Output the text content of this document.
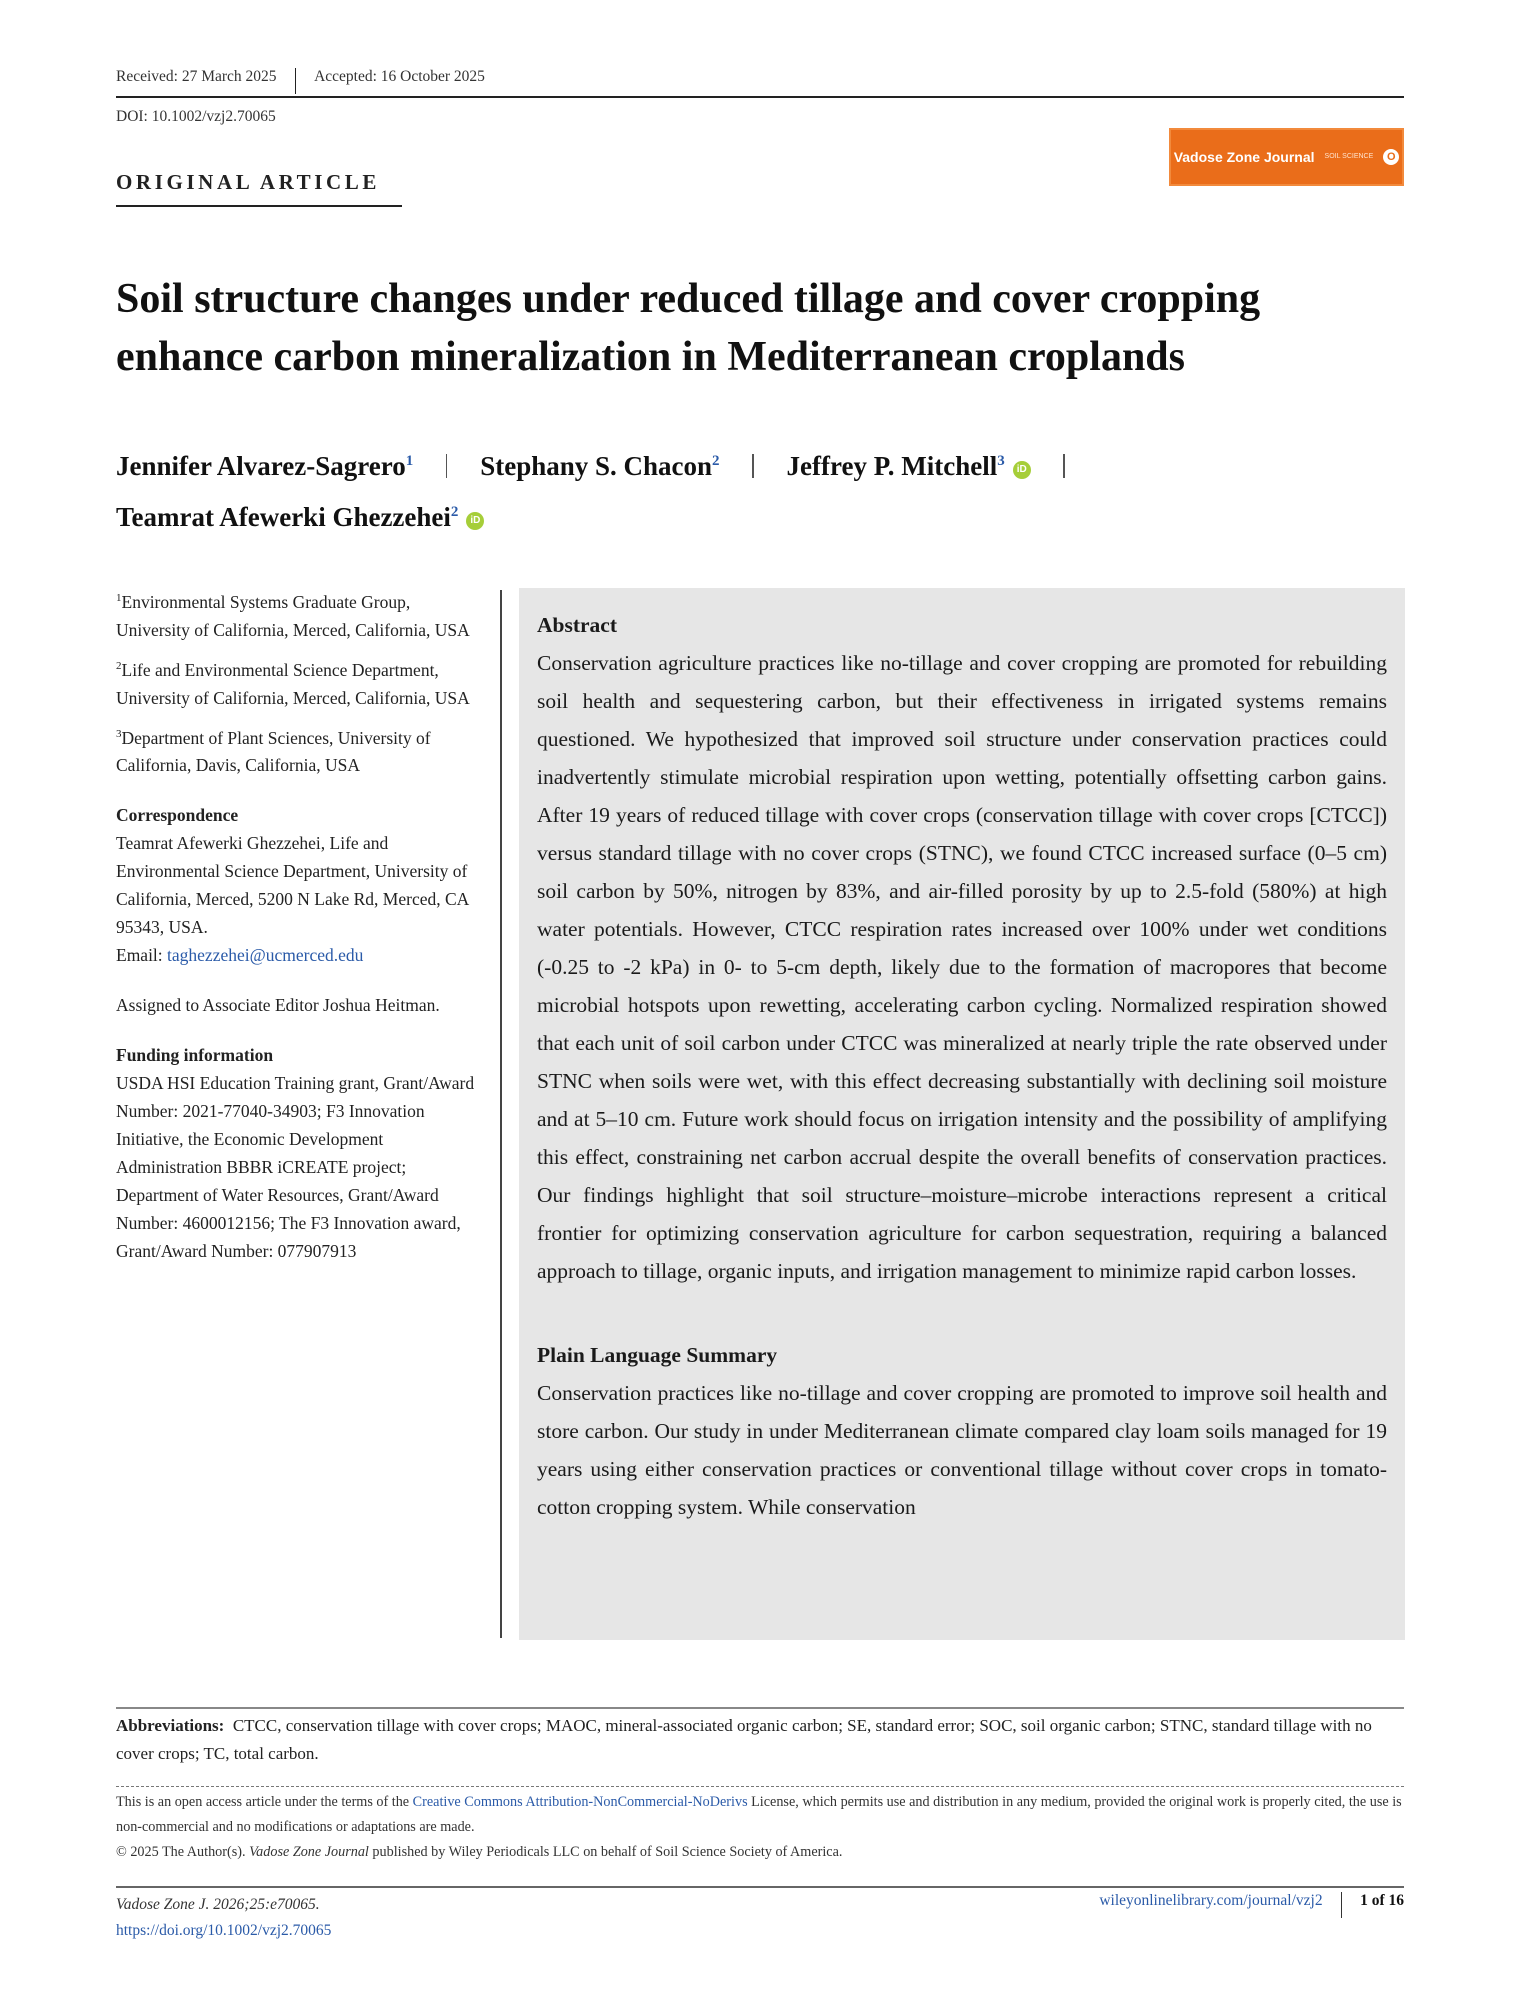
Received: 27 March 2025 Accepted: 16 October 2025
DOI: 10.1002/vzj2.70065
Vadose Zone Journal SOIL SCIENCE	O
ORIGINAL ARTICLE
Soil structure changes under reduced tillage and cover cropping enhance carbon mineralization in Mediterranean croplands
Jennifer Alvarez-Sagrero$^1$ Stephany S. Chacon$^2$ Jeffrey P. Mitchell$^3$iD
Teamrat Afewerki Ghezzehei$^2$iD

$^1$Environmental Systems Graduate Group, University of California, Merced, California, USA

$^2$Life and Environmental Science Department, University of California, Merced, California, USA

$^3$Department of Plant Sciences, University of California, Davis, California, USA

Correspondence

Teamrat Afewerki Ghezzehei, Life and Environmental Science Department, University of California, Merced, 5200 N Lake Rd, Merced, CA 95343, USA.

Email: taghezzehei@ucmerced.edu

Assigned to Associate Editor Joshua Heitman.

Funding information

USDA HSI Education Training grant, Grant/Award Number: 2021-77040-34903; F3 Innovation Initiative, the Economic Development Administration BBBR iCREATE project; Department of Water Resources, Grant/Award Number: 4600012156; The F3 Innovation award, Grant/Award Number: 077907913

Abstract

Conservation agriculture practices like no-tillage and cover cropping are promoted for rebuilding soil health and sequestering carbon, but their effectiveness in irrigated systems remains questioned. We hypothesized that improved soil structure under conservation practices could inadvertently stimulate microbial respiration upon wetting, potentially offsetting carbon gains. After 19 years of reduced tillage with cover crops (conservation tillage with cover crops [CTCC]) versus standard tillage with no cover crops (STNC), we found CTCC increased surface (0–5 cm) soil carbon by 50%, nitrogen by 83%, and air-filled porosity by up to 2.5-fold (580%) at high water potentials. However, CTCC respiration rates increased over 100% under wet conditions (-0.25 to -2 kPa) in 0- to 5-cm depth, likely due to the formation of macropores that become microbial hotspots upon rewetting, accelerating carbon cycling. Normalized respiration showed that each unit of soil carbon under CTCC was mineralized at nearly triple the rate observed under STNC when soils were wet, with this effect decreasing substantially with declining soil moisture and at 5–10 cm. Future work should focus on irrigation intensity and the possibility of amplifying this effect, constraining net carbon accrual despite the overall benefits of conservation practices. Our findings highlight that soil structure–moisture–microbe interactions represent a critical frontier for optimizing conservation agriculture for carbon sequestration, requiring a balanced approach to tillage, organic inputs, and irrigation management to minimize rapid carbon losses.

Plain Language Summary

Conservation practices like no-tillage and cover cropping are promoted to improve soil health and store carbon. Our study in under Mediterranean climate compared clay loam soils managed for 19 years using either conservation practices or conventional tillage without cover crops in tomato-cotton cropping system. While conservation

Abbreviations: CTCC, conservation tillage with cover crops; MAOC, mineral-associated organic carbon; SE, standard error; SOC, soil organic carbon; STNC, standard tillage with no cover crops; TC, total carbon.
This is an open access article under the terms of the Creative Commons Attribution-NonCommercial-NoDerivs License, which permits use and distribution in any medium, provided the original work is properly cited, the use is non-commercial and no modifications or adaptations are made.
© 2025 The Author(s). Vadose Zone Journal published by Wiley Periodicals LLC on behalf of Soil Science Society of America.
Vadose Zone J. 2026;25:e70065.
https://doi.org/10.1002/vzj2.70065
wileyonlinelibrary.com/journal/vzj2 1 of 16
